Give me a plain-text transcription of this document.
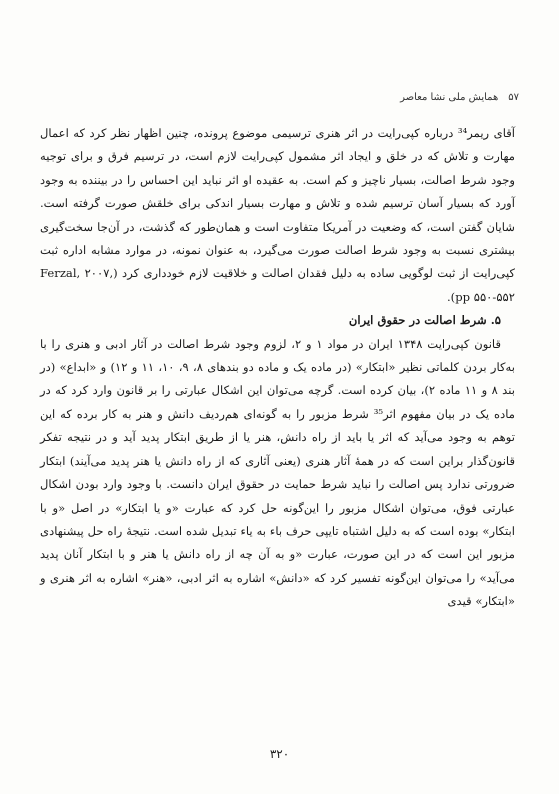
۵۷
همایش ملی نشا معاصر

آقای ریمر³⁴ درباره کپی‌رایت در اثر هنری ترسیمی موضوع پرونده، چنین اظهار نظر کرد که اعمال مهارت و تلاش که در خلق و ایجاد اثر مشمول کپی‌رایت لازم است، در ترسیم فرق و برای توجیه وجود شرط اصالت، بسیار ناچیز و کم است. به عقیده او اثر نباید این احساس را در بیننده به وجود آورد که بسیار آسان ترسیم شده و تلاش و مهارت بسیار اندکی برای خلقش صورت گرفته است. شایان گفتن است، که وضعیت در آمریکا متفاوت است و همان‌طور که گذشت، در آن‌جا سخت‌گیری بیشتری نسبت به وجود شرط اصالت صورت می‌گیرد، به عنوان نمونه، در موارد مشابه اداره ثبت کپی‌رایت از ثبت لوگویی ساده به دلیل فقدان اصالت و خلاقیت لازم خودداری کرد (Ferzal, ۲۰۰۷, pp ۵۵۰-۵۵۲).

۵. شرط اصالت در حقوق ایران

قانون کپی‌رایت ۱۳۴۸ ایران در مواد ۱ و ۲، لزوم وجود شرط اصالت در آثار ادبی و هنری را با به‌کار بردن کلماتی نظیر «ابتکار» (در ماده یک و ماده دو بندهای ۸، ۹، ۱۰، ۱۱ و ۱۲) و «ابداع» (در بند ۸ و ۱۱ ماده ۲)، بیان کرده است. گرچه می‌توان این اشکال عبارتی را بر قانون وارد کرد که در ماده یک در بیان مفهوم اثر³⁵ شرط مزبور را به گونه‌ای هم‌ردیف دانش و هنر به کار برده که این توهم به وجود می‌آید که اثر یا باید از راه دانش، هنر یا از طریق ابتکار پدید آید و در نتیجه تفکر قانون‌گذار براین است که در همهٔ آثار هنری (یعنی آثاری که از راه دانش یا هنر پدید می‌آیند) ابتکار ضرورتی ندارد پس اصالت را نباید شرط حمایت در حقوق ایران دانست. با وجود وارد بودن اشکال عبارتی فوق، می‌توان اشکال مزبور را این‌گونه حل کرد که عبارت «و یا ابتکار» در اصل «و با ابتکار» بوده است که به دلیل اشتباه تایپی حرف باء به یاء تبدیل شده است. نتیجهٔ راه حل پیشنهادی مزبور این است که در این صورت، عبارت «و به آن چه از راه دانش یا هنر و با ابتکار آنان پدید می‌آید» را می‌توان این‌گونه تفسیر کرد که «دانش» اشاره به اثر ادبی، «هنر» اشاره به اثر هنری و «ابتکار» قیدی

۳۲۰
